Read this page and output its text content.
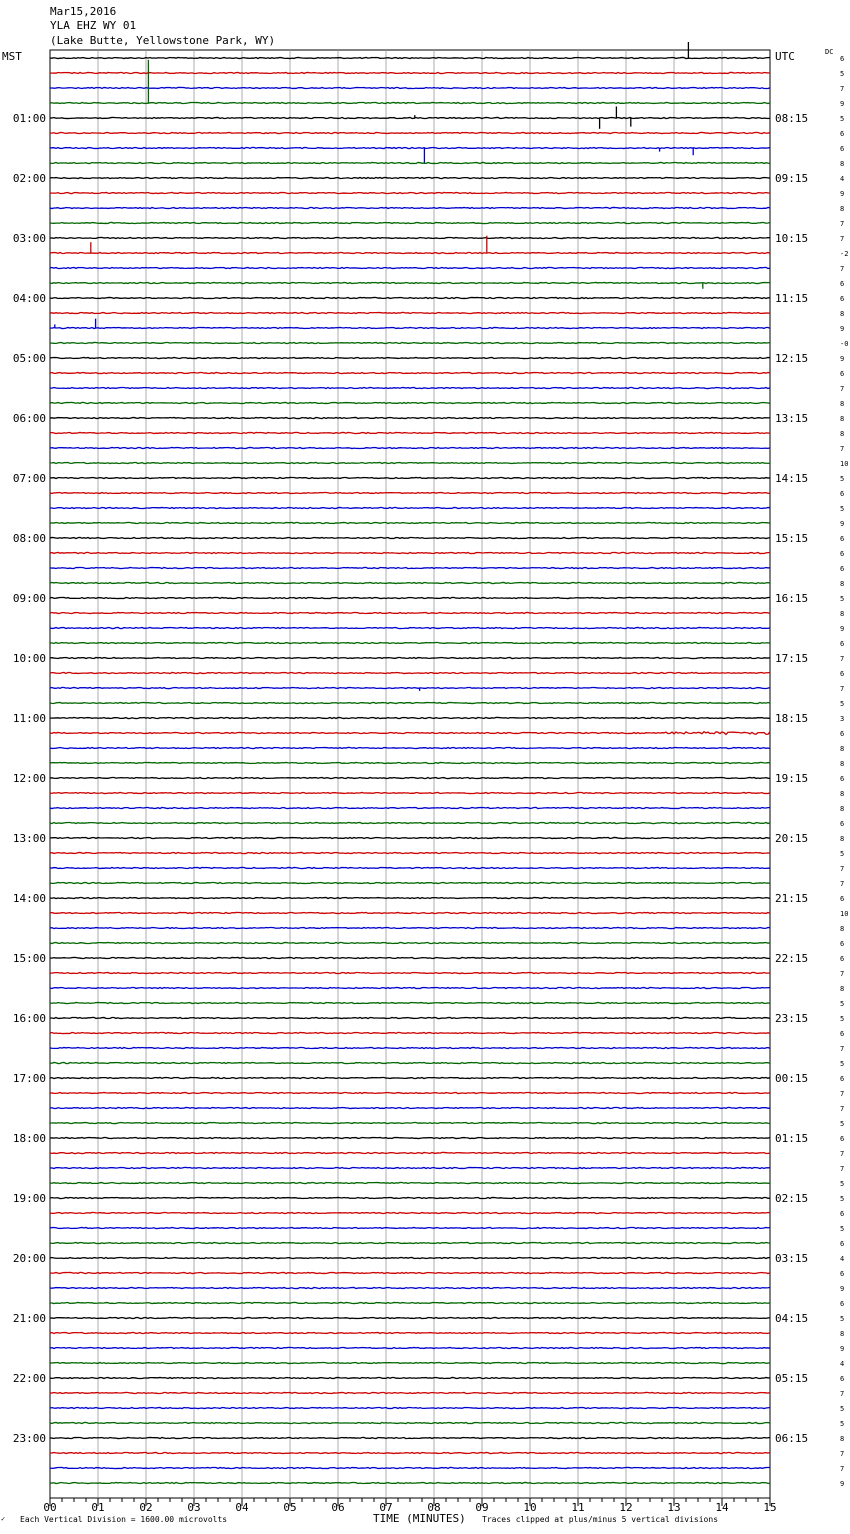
Mar15,2016
YLA EHZ WY 01
(Lake Butte, Yellowstone Park, WY)
MST	DC
01:00
02:00
03:00
04:00
05:00
06:00
07:00
08:00
09:00
10:00
11:00
12:00
13:00
14:00
15:00
16:00
17:00
18:00
19:00
20:00
21:00
22:00
23:00
UTC
08:15
09:15
10:15
11:15
12:15
13:15
14:15
15:15
16:15
17:15
18:15
19:15
20:15
21:15
22:15
23:15
00:15
01:15
02:15
03:15
04:15
05:15
06:15
6
5
7
9
5
6
6
8
4
9
8
7
7
-2
7
6
6
8
9
-0
9
6
7
8
8
8
7
10
5
6
5
9
6
6
6
8
5
8
9
6
7
6
7
5
3
6
8
8
6
8
8
6
8
5
7
7
6
10
8
6
6
7
8
5
5
6
7
5
6
7
7
5
6
7
7
5
5
6
5
6
4
6
9
6
5
8
9
4
6
7
5
5
8
7
7
9
00	01	02	03	04	05	06	07	08	09	10	11	12	13	14	15
TIME (MINUTES)
✓ Each Vertical Division = 1600.00 microvolts	Traces clipped at plus/minus 5 vertical divisions
